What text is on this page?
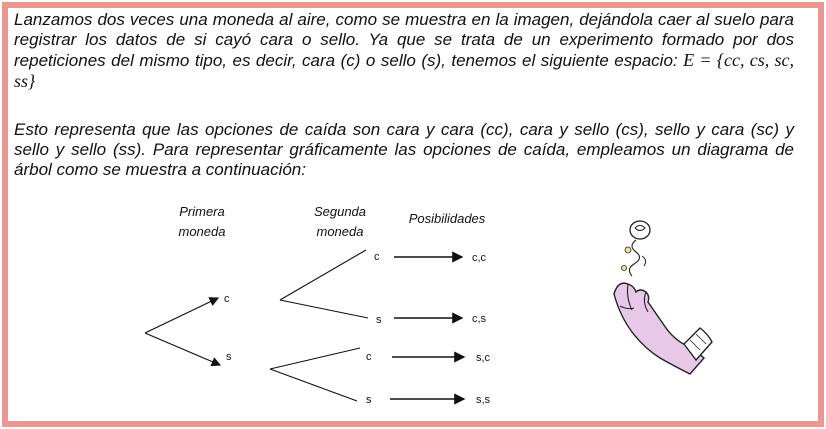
Lanzamos dos veces una moneda al aire, como se muestra en la imagen, dejándola caer al suelo para registrar los datos de si cayó cara o sello. Ya que se trata de un experimento formado por dos repeticiones del mismo tipo, es decir, cara (c) o sello (s), tenemos el siguiente espacio: E = {cc, cs, sc, ss}
Esto representa que las opciones de caída son cara y cara (cc), cara y sello (cs), sello y cara (sc) y sello y sello (ss). Para representar gráficamente las opciones de caída, empleamos un diagrama de árbol como se muestra a continuación:
Primera
moneda
Segunda
moneda
Posibilidades
c
s
c
s
c
s
c,c
c,s
s,c
s,s
